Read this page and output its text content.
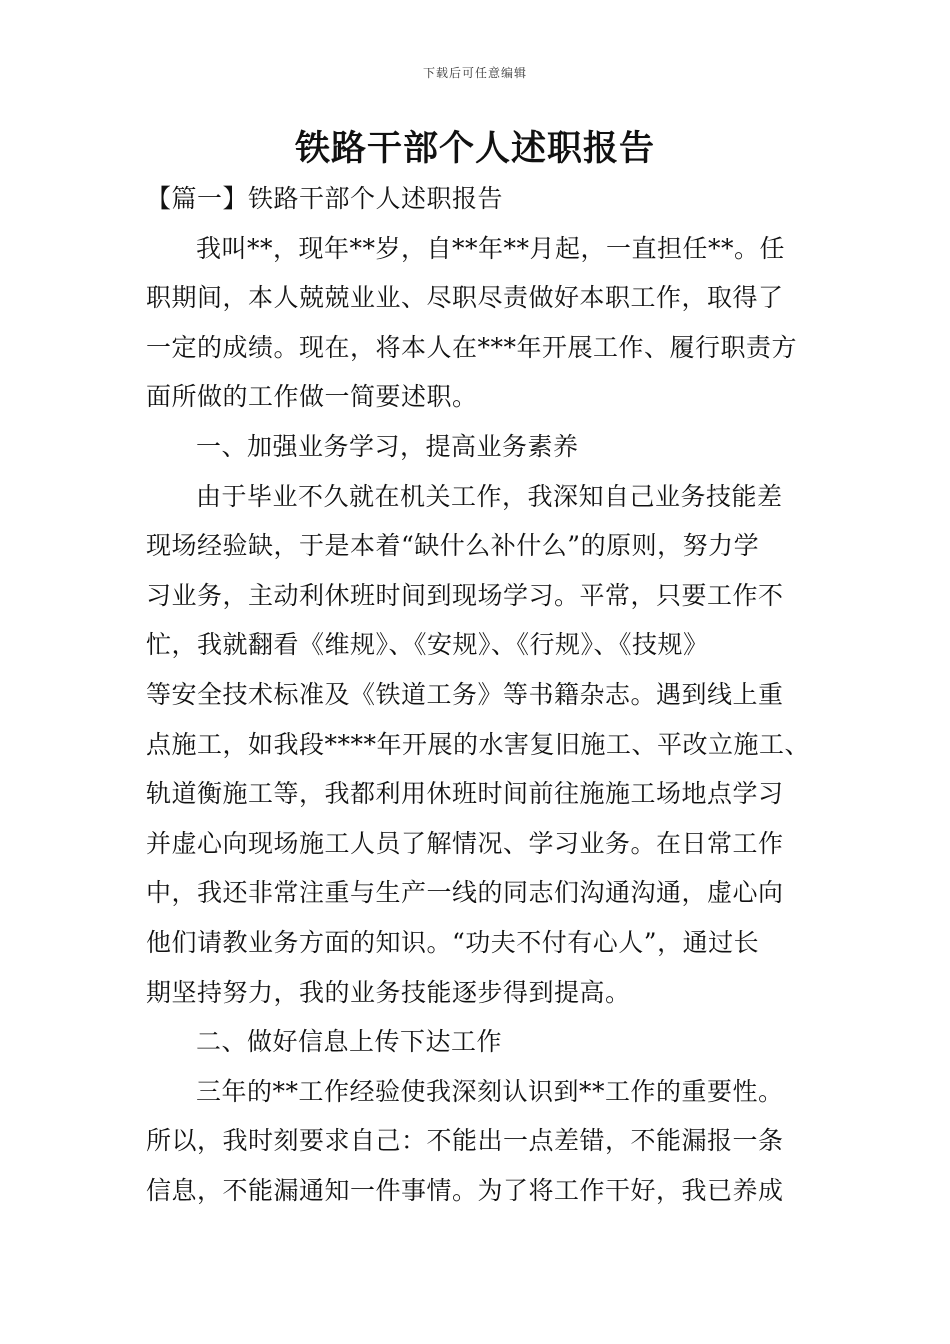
下载后可任意编辑
铁路干部个人述职报告
【篇一】铁路干部个人述职报告
我叫**，现年**岁，自**年**月起，一直担任**。任
职期间，本人兢兢业业、尽职尽责做好本职工作，取得了
一定的成绩。现在，将本人在***年开展工作、履行职责方
面所做的工作做一简要述职。
一、加强业务学习，提高业务素养
由于毕业不久就在机关工作，我深知自己业务技能差
现场经验缺，于是本着“缺什么补什么”的原则，努力学
习业务，主动利休班时间到现场学习。平常，只要工作不
忙，我就翻看《维规》、《安规》、《行规》、《技规》
等安全技术标准及《铁道工务》等书籍杂志。遇到线上重
点施工，如我段****年开展的水害复旧施工、平改立施工、
轨道衡施工等，我都利用休班时间前往施施工场地点学习
并虚心向现场施工人员了解情况、学习业务。在日常工作
中，我还非常注重与生产一线的同志们沟通沟通，虚心向
他们请教业务方面的知识。“功夫不付有心人”，通过长
期坚持努力，我的业务技能逐步得到提高。
二、做好信息上传下达工作
三年的**工作经验使我深刻认识到**工作的重要性。
所以，我时刻要求自己：不能出一点差错，不能漏报一条
信息，不能漏通知一件事情。为了将工作干好，我已养成
